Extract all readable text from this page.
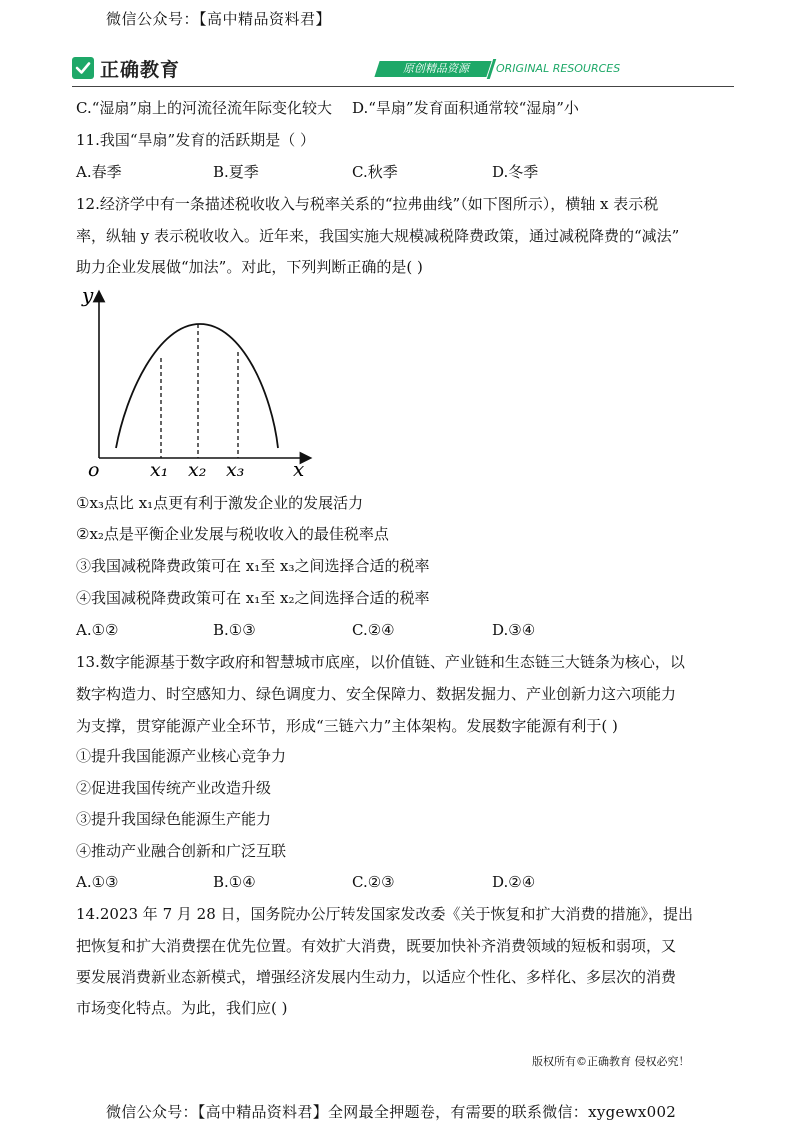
微信公众号：【高中精品资料君】
正确教育	原创精品资源	ORIGINAL RESOURCES
C.“湿扇”扇上的河流径流年际变化较大 D.“旱扇”发育面积通常较“湿扇”小
11.我国“旱扇”发育的活跃期是（ ）
A.春季	B.夏季	C.秋季	D.冬季
12.经济学中有一条描述税收收入与税率关系的“拉弗曲线”（如下图所示），横轴 x 表示税
率，纵轴 y 表示税收收入。近年来，我国实施大规模减税降费政策，通过减税降费的“减法”
助力企业发展做“加法”。对此，下列判断正确的是( )
y
o	x
x₁ x₂ x₃
①x₃点比 x₁点更有利于激发企业的发展活力
②x₂点是平衡企业发展与税收收入的最佳税率点
③我国减税降费政策可在 x₁至 x₃之间选择合适的税率
④我国减税降费政策可在 x₁至 x₂之间选择合适的税率
A.①②	B.①③	C.②④	D.③④
13.数字能源基于数字政府和智慧城市底座，以价值链、产业链和生态链三大链条为核心，以
数字构造力、时空感知力、绿色调度力、安全保障力、数据发掘力、产业创新力这六项能力
为支撑，贯穿能源产业全环节，形成“三链六力”主体架构。发展数字能源有利于( )
①提升我国能源产业核心竞争力
②促进我国传统产业改造升级
③提升我国绿色能源生产能力
④推动产业融合创新和广泛互联
A.①③	B.①④	C.②③	D.②④
14.2023 年 7 月 28 日，国务院办公厅转发国家发改委《关于恢复和扩大消费的措施》，提出
把恢复和扩大消费摆在优先位置。有效扩大消费，既要加快补齐消费领域的短板和弱项，又
要发展消费新业态新模式，增强经济发展内生动力，以适应个性化、多样化、多层次的消费
市场变化特点。为此，我们应( )
版权所有©正确教育 侵权必究！
微信公众号：【高中精品资料君】全网最全押题卷，有需要的联系微信：xygewx002
